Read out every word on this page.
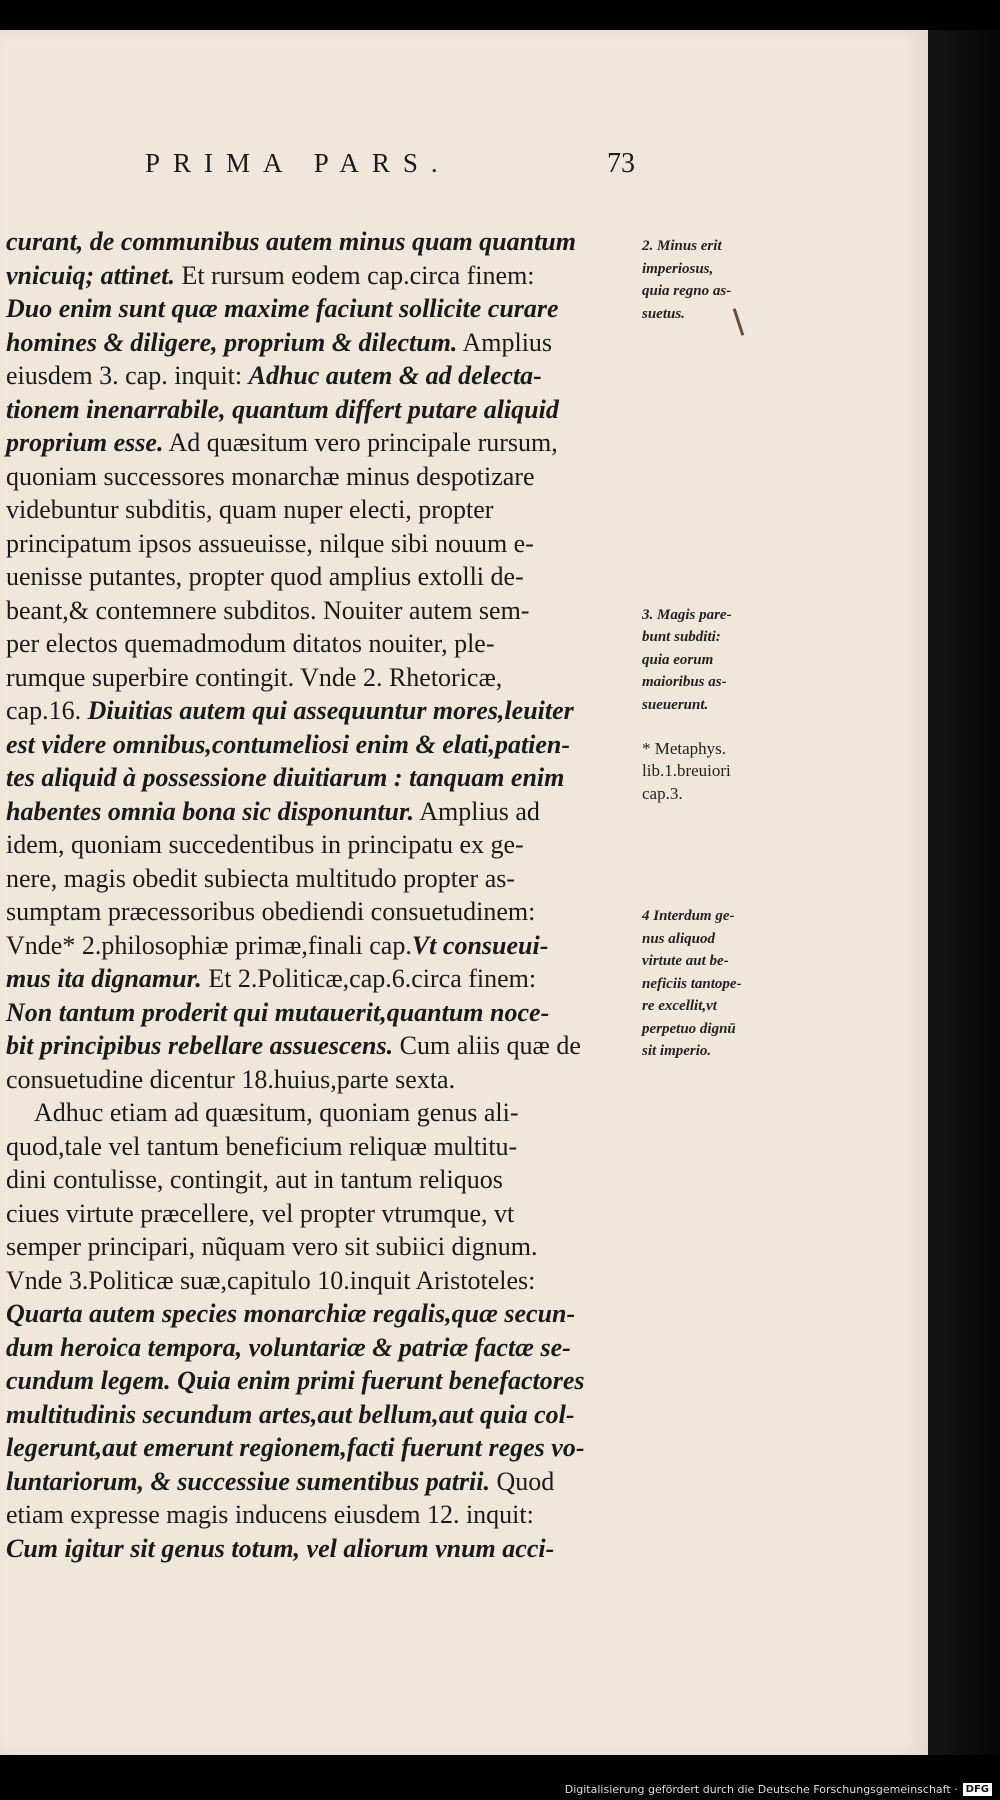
PRIMA PARS.	73
curant, de communibus autem minus quam quantum
vnicuiq; attinet. Et rursum eodem cap.circa finem:
Duo enim sunt quæ maxime faciunt sollicite curare
homines & diligere, proprium & dilectum. Amplius
eiusdem 3. cap. inquit: Adhuc autem & ad delecta-
tionem inenarrabile, quantum differt putare aliquid
proprium esse. Ad quæsitum vero principale rursum,
quoniam successores monarchæ minus despotizare
videbuntur subditis, quam nuper electi, propter
principatum ipsos assueuisse, nilque sibi nouum e-
uenisse putantes, propter quod amplius extolli de-
beant,& contemnere subditos. Nouiter autem sem-
per electos quemadmodum ditatos nouiter, ple-
rumque superbire contingit. Vnde 2. Rhetoricæ,
cap.16. Diuitias autem qui assequuntur mores,leuiter
est videre omnibus,contumeliosi enim & elati,patien-
tes aliquid à possessione diuitiarum : tanquam enim
habentes omnia bona sic disponuntur. Amplius ad
idem, quoniam succedentibus in principatu ex ge-
nere, magis obedit subiecta multitudo propter as-
sumptam præcessoribus obediendi consuetudinem:
Vnde* 2.philosophiæ primæ,finali cap.Vt consueui-
mus ita dignamur. Et 2.Politicæ,cap.6.circa finem:
Non tantum proderit qui mutauerit,quantum noce-
bit principibus rebellare assuescens. Cum aliis quæ de
consuetudine dicentur 18.huius,parte sexta.
Adhuc etiam ad quæsitum, quoniam genus ali-
quod,tale vel tantum beneficium reliquæ multitu-
dini contulisse, contingit, aut in tantum reliquos
ciues virtute præcellere, vel propter vtrumque, vt
semper principari, nũquam vero sit subiici dignum.
Vnde 3.Politicæ suæ,capitulo 10.inquit Aristoteles:
Quarta autem species monarchiæ regalis,quæ secun-
dum heroica tempora, voluntariæ & patriæ factæ se-
cundum legem. Quia enim primi fuerunt benefactores
multitudinis secundum artes,aut bellum,aut quia col-
legerunt,aut emerunt regionem,facti fuerunt reges vo-
luntariorum, & successiue sumentibus patrii. Quod
etiam expresse magis inducens eiusdem 12. inquit:
Cum igitur sit genus totum, vel aliorum vnum acci-
2. Minus erit
imperiosus,
quia regno as-
suetus.
3. Magis pare-
bunt subditi:
quia eorum
maioribus as-
sueuerunt.
* Metaphys.
lib.1.breuiori
cap.3.
4 Interdum ge-
nus aliquod
virtute aut be-
neficiis tantope-
re excellit,vt
perpetuo dignū
sit imperio.
Digitalisierung gefördert durch die Deutsche Forschungsgemeinschaft · DFG
